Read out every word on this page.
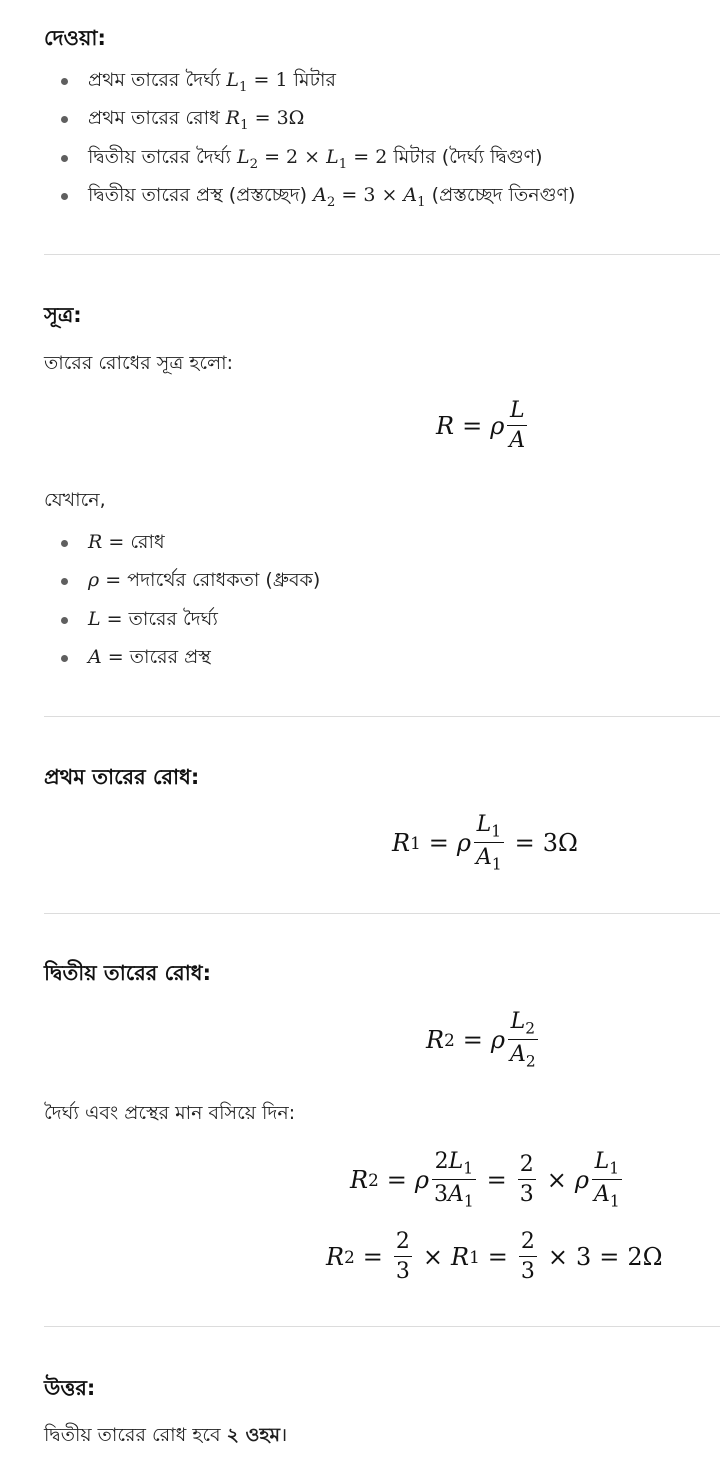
দেওয়া:
প্রথম তারের দৈর্ঘ্য $L_1 = 1$ মিটার
প্রথম তারের রোধ $R_1 = 3\Omega$
দ্বিতীয় তারের দৈর্ঘ্য $L_2 = 2 \times L_1 = 2$ মিটার (দৈর্ঘ্য দ্বিগুণ)
দ্বিতীয় তারের প্রস্থ (প্রস্তচ্ছেদ) $A_2 = 3 \times A_1$ (প্রস্তচ্ছেদ তিনগুণ)
সূত্র:
তারের রোধের সূত্র হলো:
R = ρ $\frac{L}{A}$
যেখানে,
R = রোধ
ρ = পদার্থের রোধকতা (ধ্রুবক)
L = তারের দৈর্ঘ্য
A = তারের প্রস্থ
প্রথম তারের রোধ:
R 1 = ρ $\frac{L_1}{A_1} = 3\Omega$
দ্বিতীয় তারের রোধ:
R 2 = ρ $\frac{L_2}{A_2}$
দৈর্ঘ্য এবং প্রস্থের মান বসিয়ে দিন:
R 2 = ρ $\frac{2L_1}{3A_1} = \frac{2}{3} \times \rho \frac{L_1}{A_1}$
R $2 = \frac{2}{3} \times R$ $1 = \frac{2}{3} \times 3 = 2\Omega$
উত্তর:
দ্বিতীয় তারের রোধ হবে ২ ওহম।
